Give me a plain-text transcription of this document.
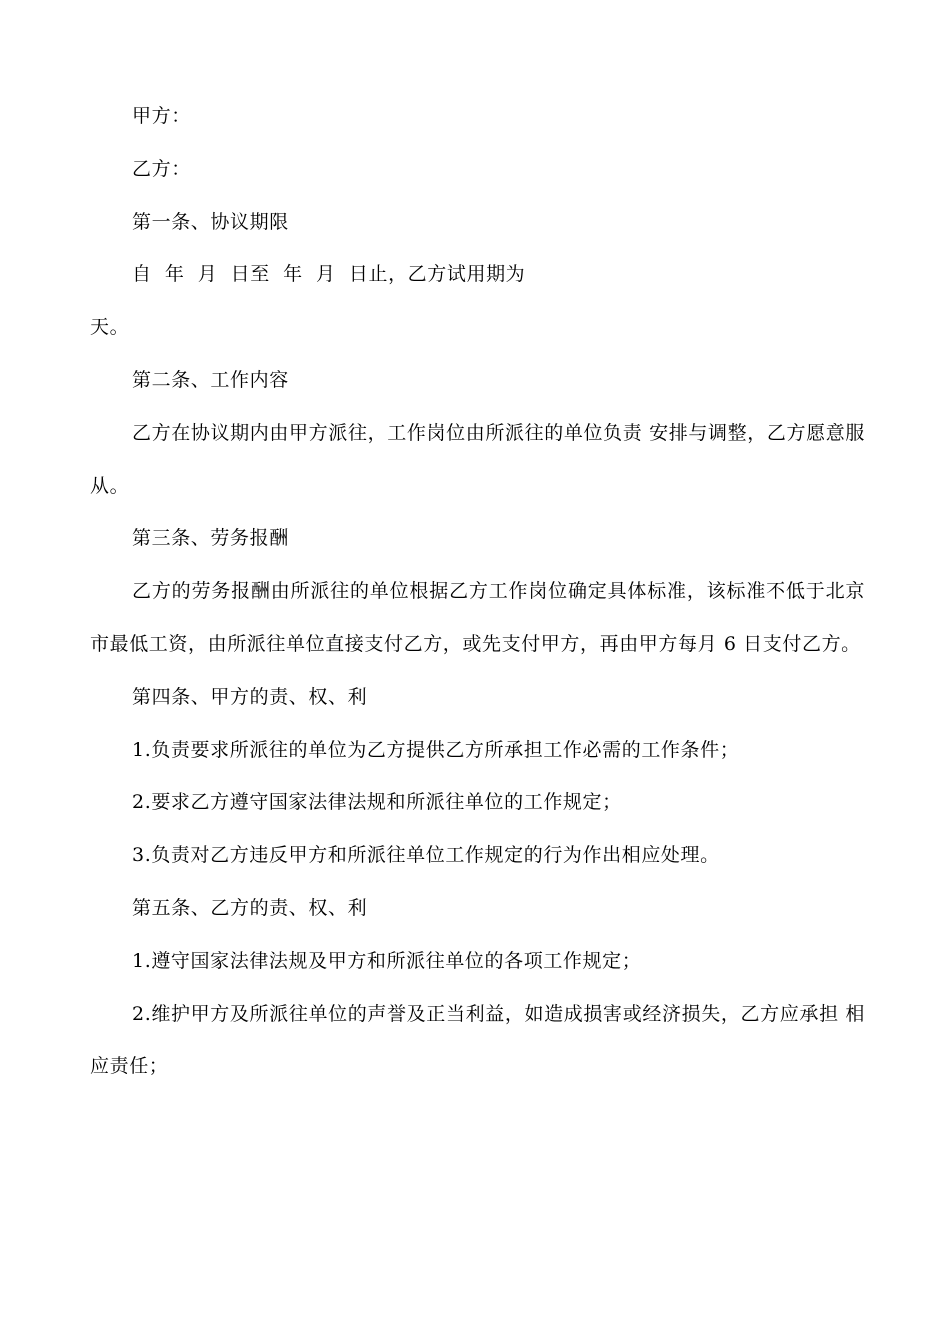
甲方：

乙方：

第一条、协议期限

自  年  月  日至  年  月  日止，乙方试用期为

天。

第二条、工作内容

乙方在协议期内由甲方派往，工作岗位由所派往的单位负责 安排与调整，乙方愿意服从。

第三条、劳务报酬

乙方的劳务报酬由所派往的单位根据乙方工作岗位确定具体标准，该标准不低于北京市最低工资，由所派往单位直接支付乙方，或先支付甲方，再由甲方每月 6 日支付乙方。

第四条、甲方的责、权、利

1.负责要求所派往的单位为乙方提供乙方所承担工作必需的工作条件；

2.要求乙方遵守国家法律法规和所派往单位的工作规定；

3.负责对乙方违反甲方和所派往单位工作规定的行为作出相应处理。

第五条、乙方的责、权、利

1.遵守国家法律法规及甲方和所派往单位的各项工作规定；

2.维护甲方及所派往单位的声誉及正当利益，如造成损害或经济损失，乙方应承担 相应责任；
